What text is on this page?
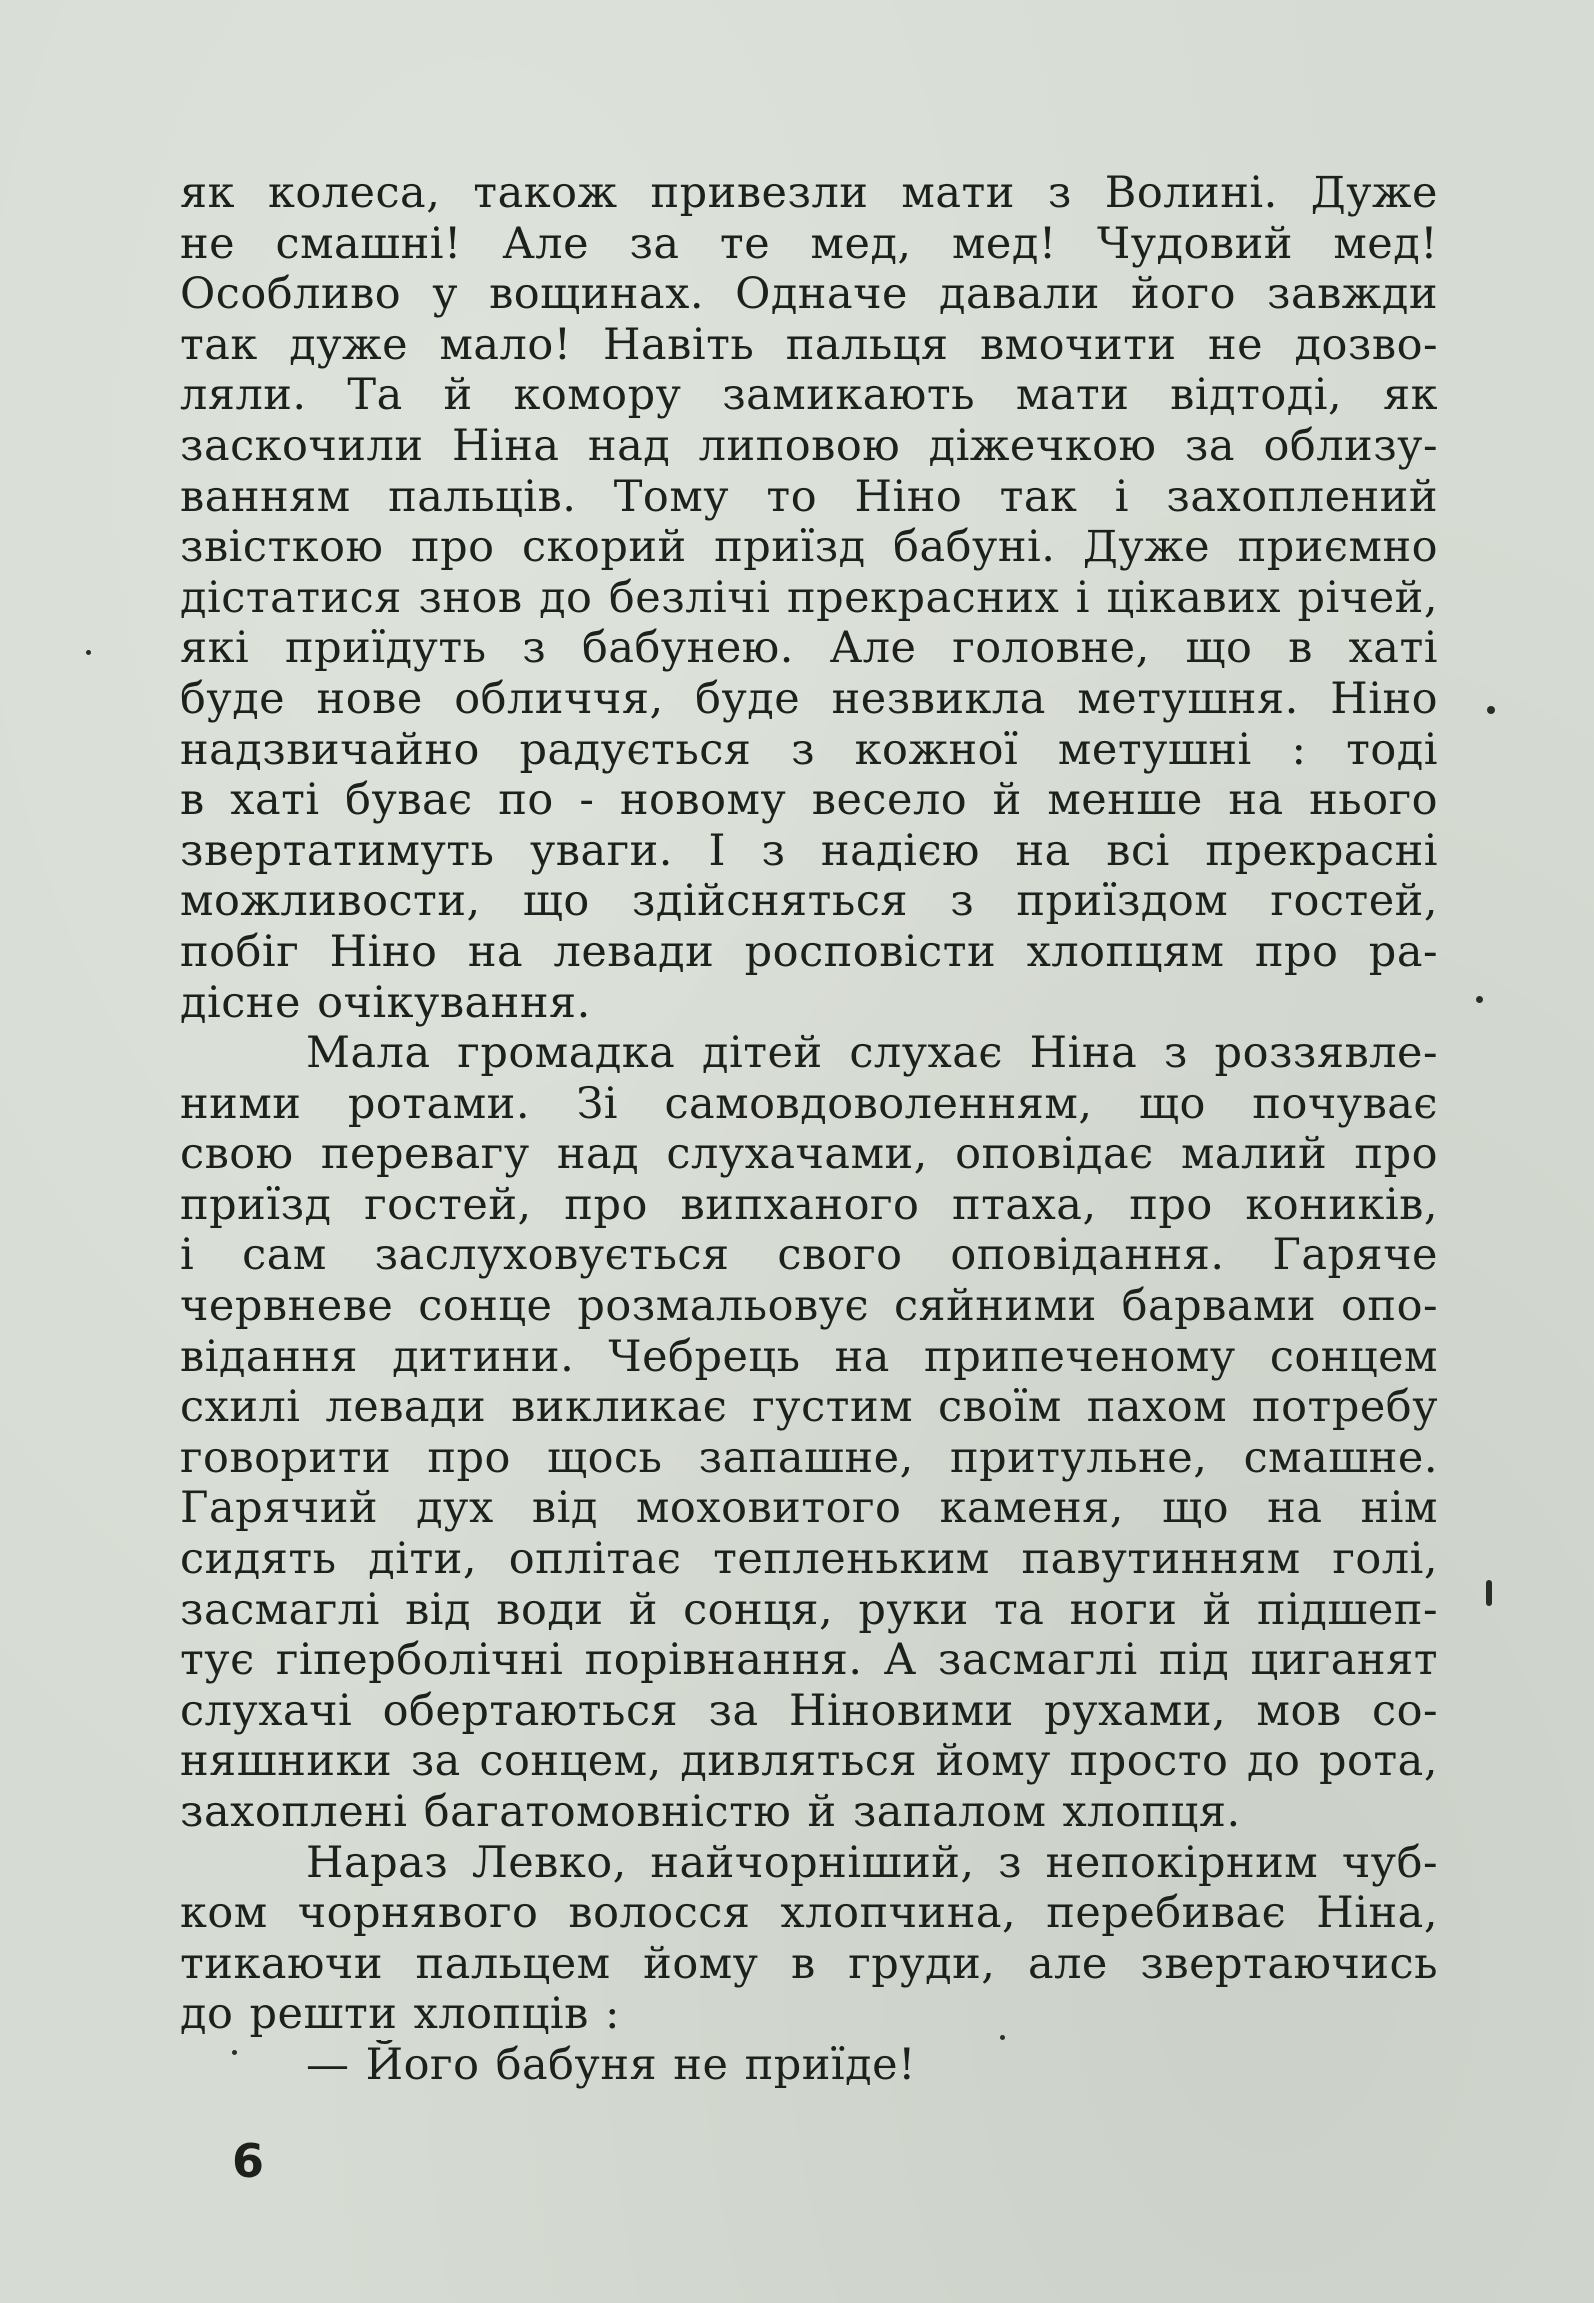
як колеса, також привезли мати з Волині. Дуже
не смашні! Але за те мед, мед! Чудовий мед!
Особливо у вощинах. Одначе давали його завжди
так дуже мало! Навіть пальця вмочити не дозво-
ляли. Та й комору замикають мати відтоді, як
заскочили Ніна над липовою діжечкою за облизу-
ванням пальців. Тому то Ніно так і захоплений
звісткою про скорий приїзд бабуні. Дуже приємно
дістатися знов до безлічі прекрасних і цікавих річей,
які приїдуть з бабунею. Але головне, що в хаті
буде нове обличчя, буде незвикла метушня. Ніно
надзвичайно радується з кожної метушні : тоді
в хаті буває по - новому весело й менше на нього
звертатимуть уваги. І з надією на всі прекрасні
можливости, що здійсняться з приїздом гостей,
побіг Ніно на левади росповісти хлопцям про ра-
дісне очікування.
Мала громадка дітей слухає Ніна з роззявле-
ними ротами. Зі самовдоволенням, що почуває
свою перевагу над слухачами, оповідає малий про
приїзд гостей, про випханого птаха, про коників,
і сам заслуховується свого оповідання. Гаряче
червневе сонце розмальовує сяйними барвами опо-
відання дитини. Чебрець на припеченому сонцем
схилі левади викликає густим своїм пахом потребу
говорити про щось запашне, притульне, смашне.
Гарячий дух від моховитого каменя, що на нім
сидять діти, оплітає тепленьким павутинням голі,
засмаглі від води й сонця, руки та ноги й підшеп-
тує гіперболічні порівнання. А засмаглі під циганят
слухачі обертаються за Ніновими рухами, мов со-
няшники за сонцем, дивляться йому просто до рота,
захоплені багатомовністю й запалом хлопця.
Нараз Левко, найчорніший, з непокірним чуб-
ком чорнявого волосся хлопчина, перебиває Ніна,
тикаючи пальцем йому в груди, але звертаючись
до решти хлопців :
— Його бабуня не приїде!
6
